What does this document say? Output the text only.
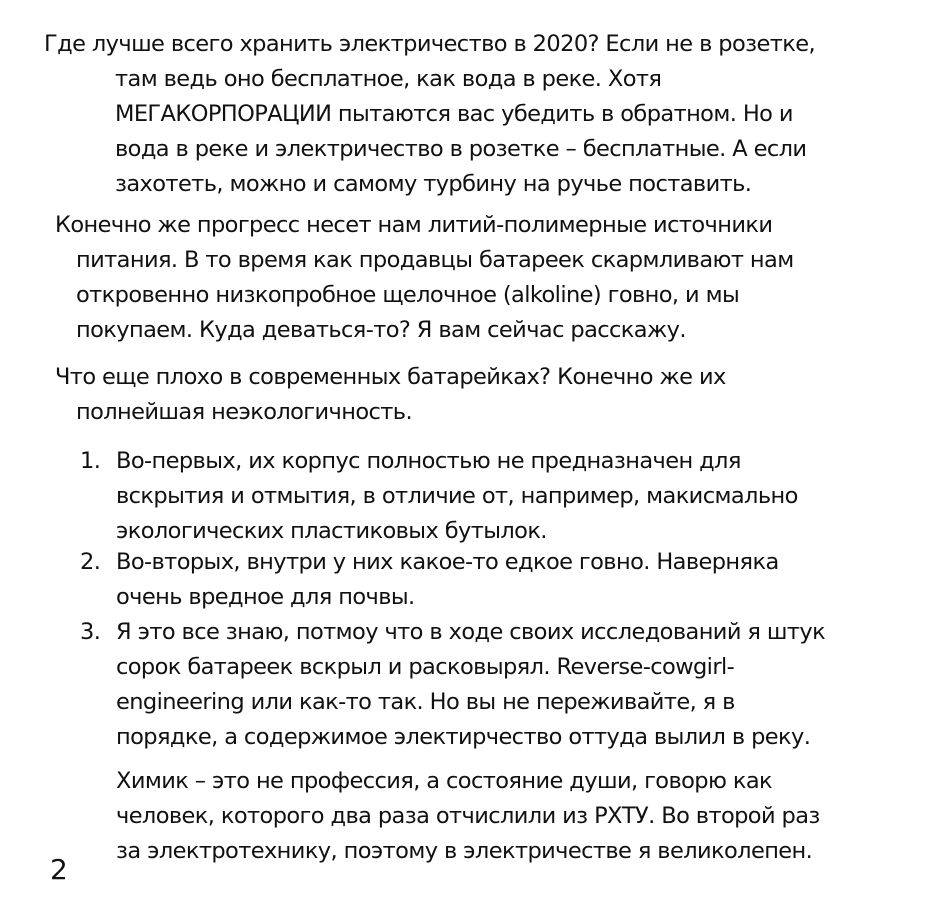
Где лучше всего хранить электричество в 2020? Если не в розетке,
там ведь оно бесплатное, как вода в реке. Хотя
МЕГАКОРПОРАЦИИ пытаются вас убедить в обратном. Но и
вода в реке и электричество в розетке – бесплатные. А если
захотеть, можно и самому турбину на ручье поставить.
Конечно же прогресс несет нам литий-полимерные источники
питания. В то время как продавцы батареек скармливают нам
откровенно низкопробное щелочное (alkoline) говно, и мы
покупаем. Куда деваться-то? Я вам сейчас расскажу.
Что еще плохо в современных батарейках? Конечно же их
полнейшая неэкологичность.
1. Во-первых, их корпус полностью не предназначен для
вскрытия и отмытия, в отличие от, например, макисмально
экологических пластиковых бутылок.
2. Во-вторых, внутри у них какое-то едкое говно. Наверняка
очень вредное для почвы.
3. Я это все знаю, потмоу что в ходе своих исследований я штук
сорок батареек вскрыл и расковырял. Reverse-cowgirl-
engineering или как-то так. Но вы не переживайте, я в
порядке, а содержимое электирчество оттуда вылил в реку.
Химик – это не профессия, а состояние души, говорю как
человек, которого два раза отчислили из РХТУ. Во второй раз
за электротехнику, поэтому в электричестве я великолепен.
2
